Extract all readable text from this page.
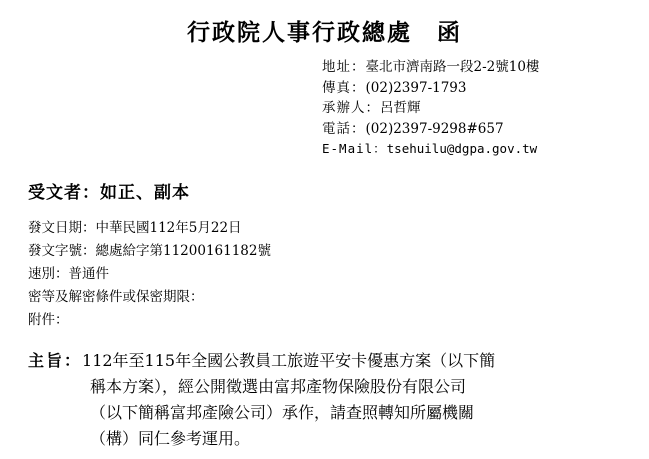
行政院人事行政總處　函
地址：臺北市濟南路一段2-2號10樓
傳真：(02)2397-1793
承辦人：呂哲輝
電話：(02)2397-9298#657
E-Mail：tsehuilu@dgpa.gov.tw
受文者：如正、副本
發文日期：中華民國112年5月22日
發文字號：總處給字第11200161182號
速別：普通件
密等及解密條件或保密期限：
附件：
主旨：112年至115年全國公教員工旅遊平安卡優惠方案（以下簡
稱本方案），經公開徵選由富邦產物保險股份有限公司
（以下簡稱富邦產險公司）承作，請查照轉知所屬機關
（構）同仁參考運用。
